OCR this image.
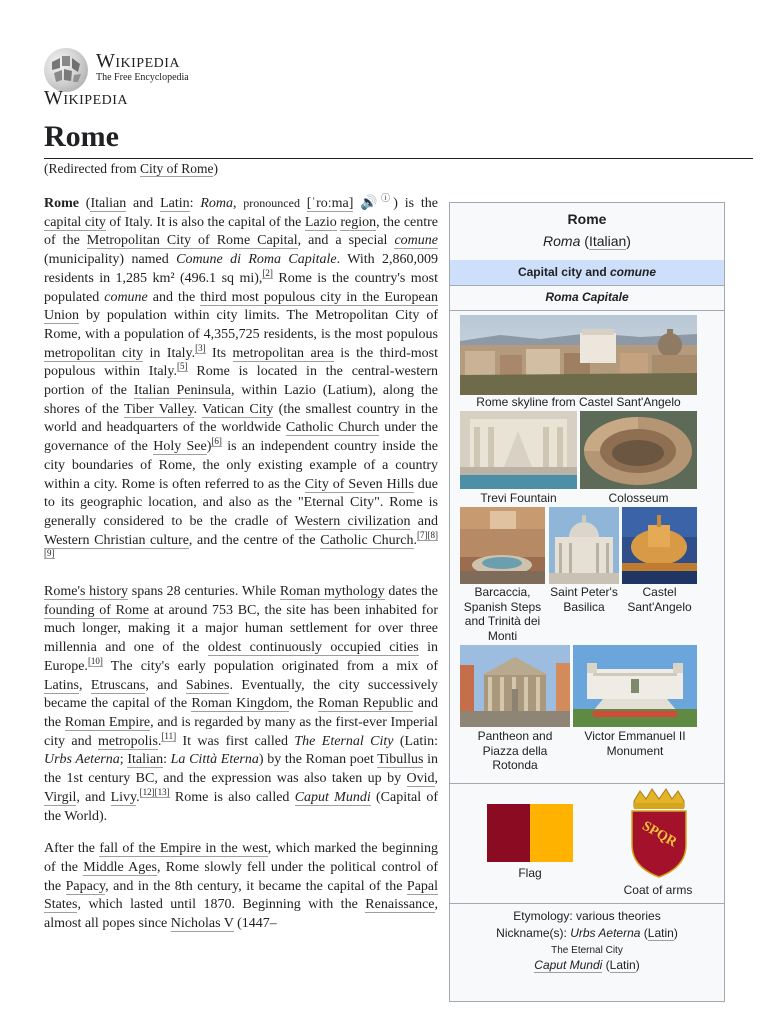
Wikipedia
The Free Encyclopedia
Wikipedia
Rome
(Redirected from City of Rome)

Rome (Italian and Latin: Roma, pronounced [ˈroːma] 🔊ⓘ) is the capital city of Italy. It is also the capital of the Lazio region, the centre of the Metropolitan City of Rome Capital, and a special comune (municipality) named Comune di Roma Capitale. With 2,860,009 residents in 1,285 km² (496.1 sq mi),[2] Rome is the country's most populated comune and the third most populous city in the European Union by population within city limits. The Metropolitan City of Rome, with a population of 4,355,725 residents, is the most populous metropolitan city in Italy.[3] Its metropolitan area is the third-most populous within Italy.[5] Rome is located in the central-western portion of the Italian Peninsula, within Lazio (Latium), along the shores of the Tiber Valley. Vatican City (the smallest country in the world and headquarters of the worldwide Catholic Church under the governance of the Holy See)[6] is an independent country inside the city boundaries of Rome, the only existing example of a country within a city. Rome is often referred to as the City of Seven Hills due to its geographic location, and also as the "Eternal City". Rome is generally considered to be the cradle of Western civilization and Western Christian culture, and the centre of the Catholic Church.[7][8][9]

Rome's history spans 28 centuries. While Roman mythology dates the founding of Rome at around 753 BC, the site has been inhabited for much longer, making it a major human settlement for over three millennia and one of the oldest continuously occupied cities in Europe.[10] The city's early population originated from a mix of Latins, Etruscans, and Sabines. Eventually, the city successively became the capital of the Roman Kingdom, the Roman Republic and the Roman Empire, and is regarded by many as the first-ever Imperial city and metropolis.[11] It was first called The Eternal City (Latin: Urbs Aeterna; Italian: La Città Eterna) by the Roman poet Tibullus in the 1st century BC, and the expression was also taken up by Ovid, Virgil, and Livy.[12][13] Rome is also called Caput Mundi (Capital of the World).

After the fall of the Empire in the west, which marked the beginning of the Middle Ages, Rome slowly fell under the political control of the Papacy, and in the 8th century, it became the capital of the Papal States, which lasted until 1870. Beginning with the Renaissance, almost all popes since Nicholas V (1447–

Rome
Roma (Italian)
Capital city and comune
Roma Capitale
Rome skyline from Castel Sant'Angelo
Trevi Fountain	Colosseum
Barcaccia, Spanish Steps and Trinità dei Monti
Saint Peter's Basilica
Castel Sant'Angelo
Pantheon and Piazza della Rotonda
Victor Emmanuel II Monument
Flag
SPQR
Coat of arms
Etymology: various theories
Nickname(s): Urbs Aeterna (Latin)
The Eternal City
Caput Mundi (Latin)
